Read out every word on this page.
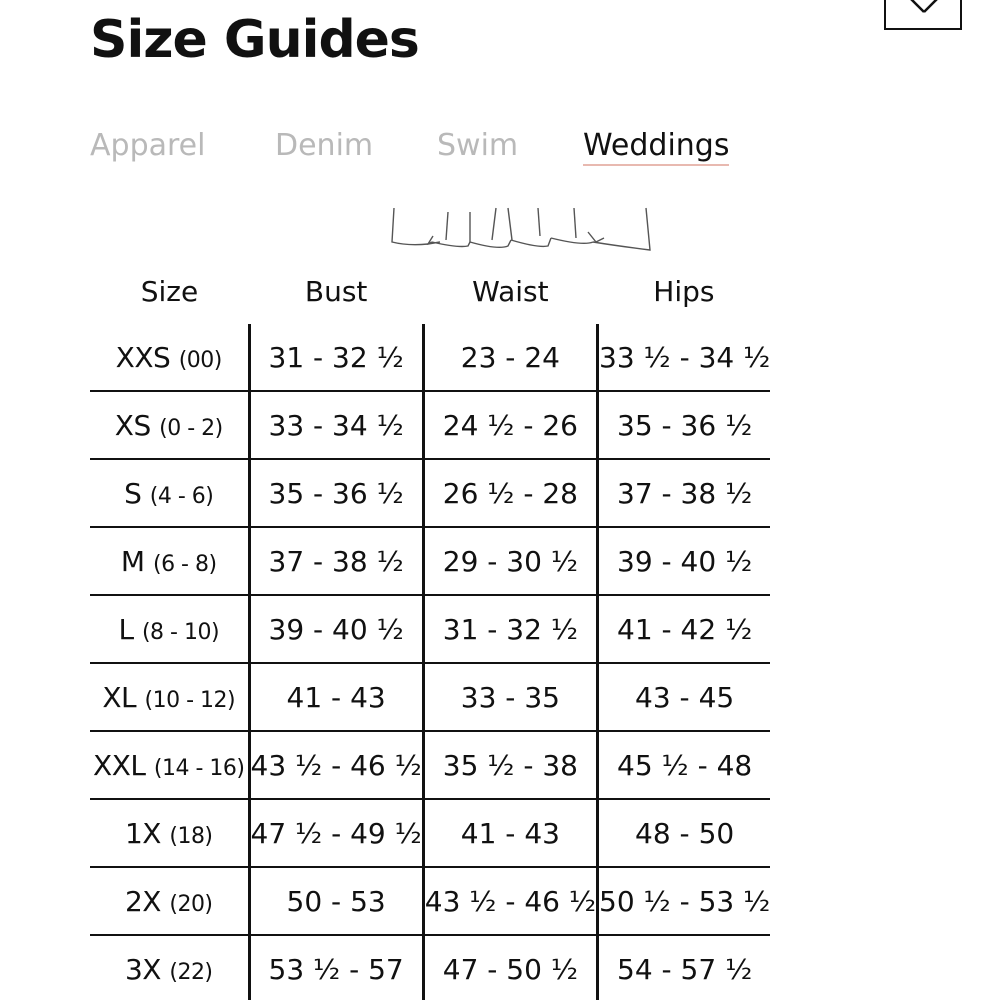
Size Guides
Apparel Denim Swim Weddings
Size	Bust	Waist	Hips
XXS (00)	31 - 32 ½	23 - 24	33 ½ - 34 ½
XS (0 - 2)	33 - 34 ½	24 ½ - 26	35 - 36 ½
S (4 - 6)	35 - 36 ½	26 ½ - 28	37 - 38 ½
M (6 - 8)	37 - 38 ½	29 - 30 ½	39 - 40 ½
L (8 - 10)	39 - 40 ½	31 - 32 ½	41 - 42 ½
XL (10 - 12)	41 - 43	33 - 35	43 - 45
XXL (14 - 16)	43 ½ - 46 ½	35 ½ - 38	45 ½ - 48
1X (18)	47 ½ - 49 ½	41 - 43	48 - 50
2X (20)	50 - 53	43 ½ - 46 ½	50 ½ - 53 ½
3X (22)	53 ½ - 57	47 - 50 ½	54 - 57 ½
